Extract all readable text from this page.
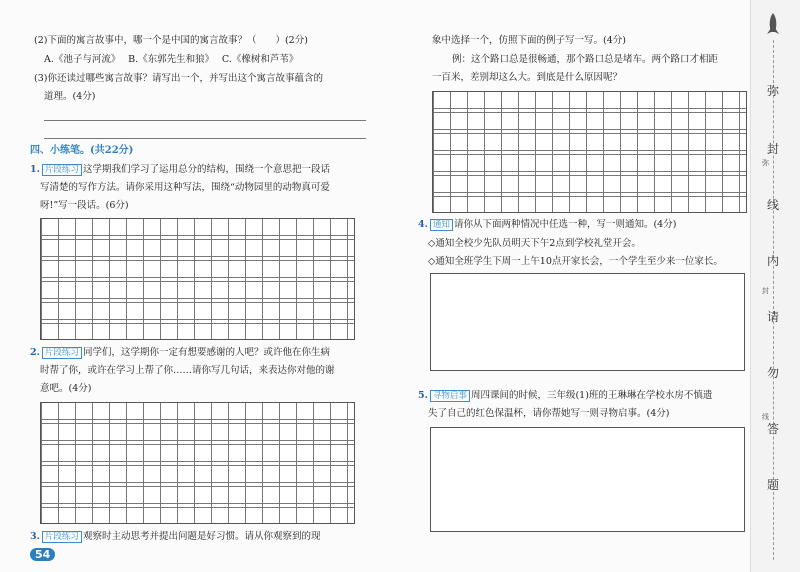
(2)下面的寓言故事中，哪一个是中国的寓言故事？（　　）(2分)
A.《池子与河流》　 B.《东郭先生和狼》　 C.《橡树和芦苇》
(3)你还读过哪些寓言故事？请写出一个，并写出这个寓言故事蕴含的
道理。(4分)
四、小练笔。(共22分)
1. 片段练习 这学期我们学习了运用总分的结构，围绕一个意思把一段话
写清楚的写作方法。请你采用这种写法，围绕“动物园里的动物真可爱
呀!”写一段话。(6分)
2. 片段练习 同学们，这学期你一定有想要感谢的人吧？或许他在你生病
时帮了你，或许在学习上帮了你……请你写几句话，来表达你对他的谢
意吧。(4分)
3. 片段练习 观察时主动思考并提出问题是好习惯。请从你观察到的现
54
象中选择一个，仿照下面的例子写一写。(4分)
例：这个路口总是很畅通，那个路口总是堵车。两个路口才相距
一百米，差别却这么大。到底是什么原因呢？
4. 通知 请你从下面两种情况中任选一种，写一则通知。(4分)
◇通知全校少先队员明天下午2点到学校礼堂开会。
◇通知全班学生下周一上午10点开家长会，一个学生至少来一位家长。
5. 寻物启事 周四课间的时候，三年级(1)班的王琳琳在学校水房不慎遗
失了自己的红色保温杯，请你帮她写一则寻物启事。(4分)
弥
封
线
内
请
勿
答
题
弥
封
线
